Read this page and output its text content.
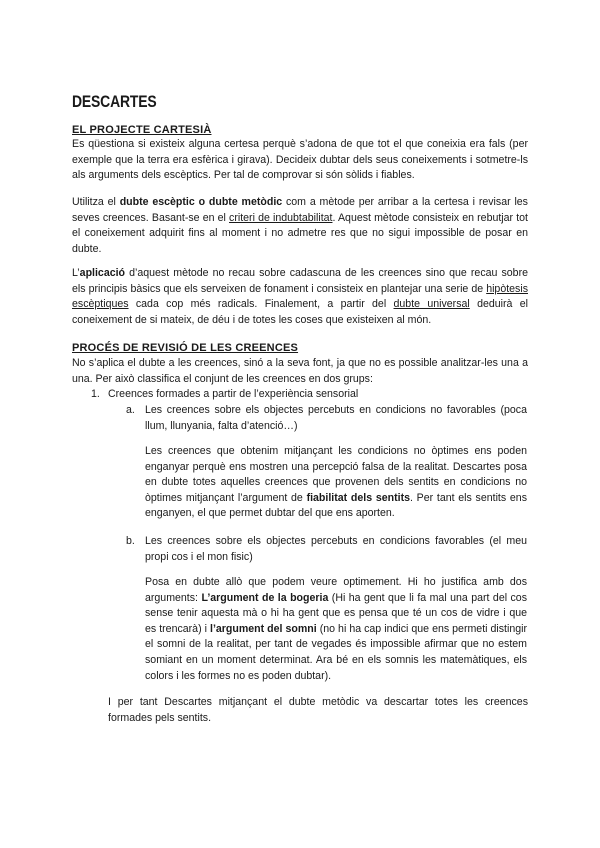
DESCARTES
EL PROJECTE CARTESIÀ

Es qüestiona si existeix alguna certesa perquè s’adona de que tot el que coneixia era fals (per exemple que la terra era esfèrica i girava). Decideix dubtar dels seus coneixements i sotmetre-ls als arguments dels escèptics. Per tal de comprovar si són sòlids i fiables.

Utilitza el dubte escèptic o dubte metòdic com a mètode per arribar a la certesa i revisar les seves creences. Basant-se en el criteri de indubtabilitat. Aquest mètode consisteix en rebutjar tot el coneixement adquirit fins al moment i no admetre res que no sigui impossible de posar en dubte.

L’aplicació d’aquest mètode no recau sobre cadascuna de les creences sino que recau sobre els principis bàsics que els serveixen de fonament i consisteix en plantejar una serie de hipòtesis escèptiques cada cop més radicals. Finalement, a partir del dubte universal deduirà el coneixement de si mateix, de déu i de totes les coses que existeixen al món.

PROCÉS DE REVISIÓ DE LES CREENCES

No s’aplica el dubte a les creences, sinó a la seva font, ja que no es possible analitzar-les una a una. Per això classifica el conjunt de les creences en dos grups:

1. Creences formades a partir de l’experiència sensorial
a. Les creences sobre els objectes percebuts en condicions no favorables (poca llum, llunyania, falta d’atenció…)

Les creences que obtenim mitjançant les condicions no òptimes ens poden enganyar perquè ens mostren una percepció falsa de la realitat. Descartes posa en dubte totes aquelles creences que provenen dels sentits en condicions no òptimes mitjançant l’argument de fiabilitat dels sentits. Per tant els sentits ens enganyen, el que permet dubtar del que ens aporten.

b. Les creences sobre els objectes percebuts en condicions favorables (el meu propi cos i el mon fisic)

Posa en dubte allò que podem veure optimement. Hi ho justifica amb dos arguments: L’argument de la bogeria (Hi ha gent que li fa mal una part del cos sense tenir aquesta mà o hi ha gent que es pensa que té un cos de vidre i que es trencarà) i l’argument del somni (no hi ha cap indici que ens permeti distingir el somni de la realitat, per tant de vegades és impossible afirmar que no estem somiant en un moment determinat. Ara bé en els somnis les matemàtiques, els colors i les formes no es poden dubtar).

I per tant Descartes mitjançant el dubte metòdic va descartar totes les creences formades pels sentits.
